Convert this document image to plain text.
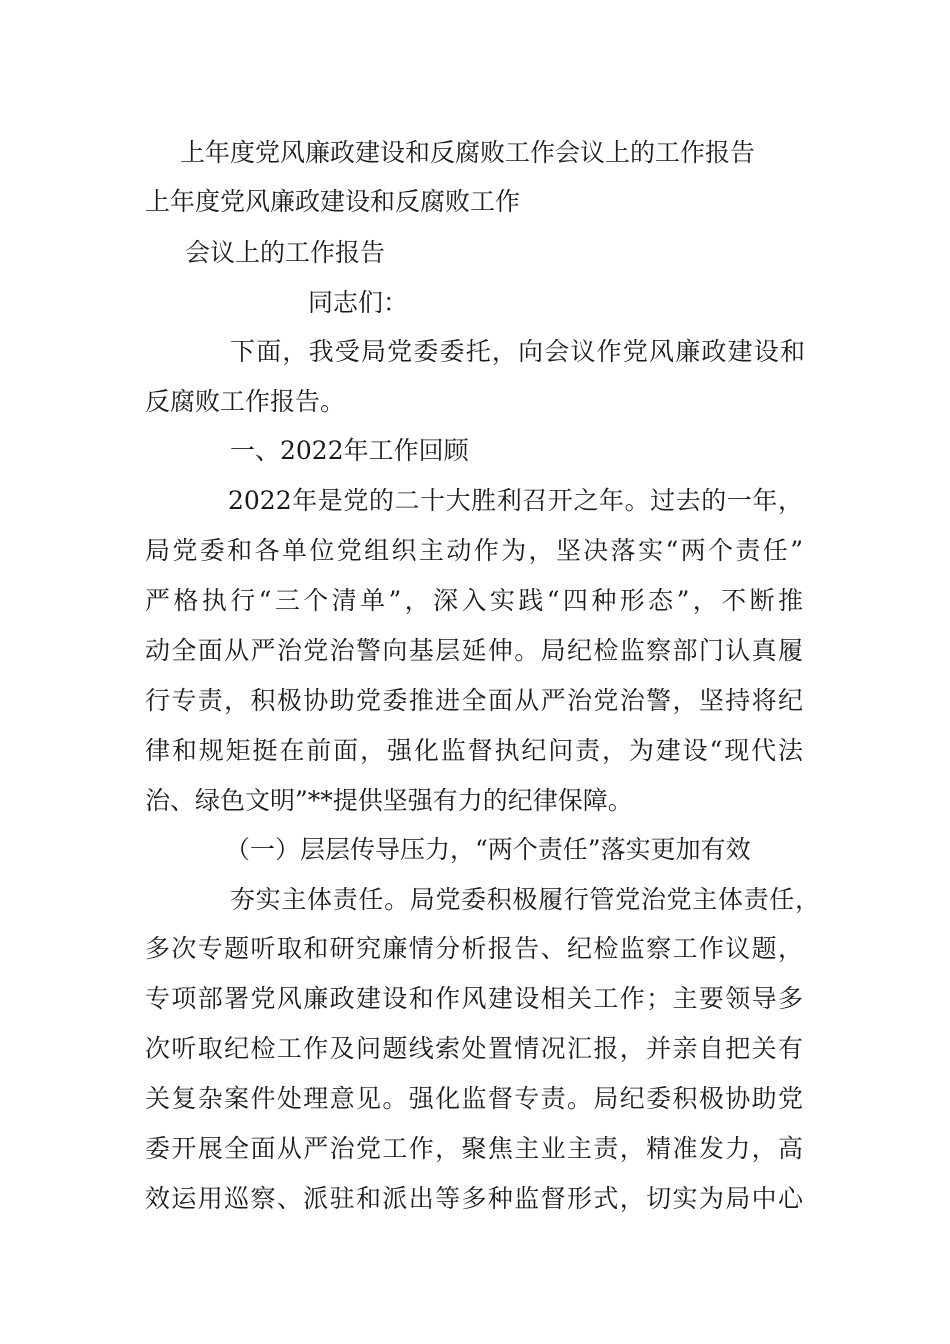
上年度党风廉政建设和反腐败工作会议上的工作报告
上年度党风廉政建设和反腐败工作
会议上的工作报告
同志们：
下面，我受局党委委托，向会议作党风廉政建设和
反腐败工作报告。
一、2022年工作回顾
2022年是党的二十大胜利召开之年。过去的一年，
局党委和各单位党组织主动作为，坚决落实“两个责任”
严格执行“三个清单”，深入实践“四种形态”，不断推
动全面从严治党治警向基层延伸。局纪检监察部门认真履
行专责，积极协助党委推进全面从严治党治警，坚持将纪
律和规矩挺在前面，强化监督执纪问责，为建设“现代法
治、绿色文明”**提供坚强有力的纪律保障。
（一）层层传导压力，“两个责任”落实更加有效
夯实主体责任。局党委积极履行管党治党主体责任，
多次专题听取和研究廉情分析报告、纪检监察工作议题，
专项部署党风廉政建设和作风建设相关工作；主要领导多
次听取纪检工作及问题线索处置情况汇报，并亲自把关有
关复杂案件处理意见。强化监督专责。局纪委积极协助党
委开展全面从严治党工作，聚焦主业主责，精准发力，高
效运用巡察、派驻和派出等多种监督形式，切实为局中心
